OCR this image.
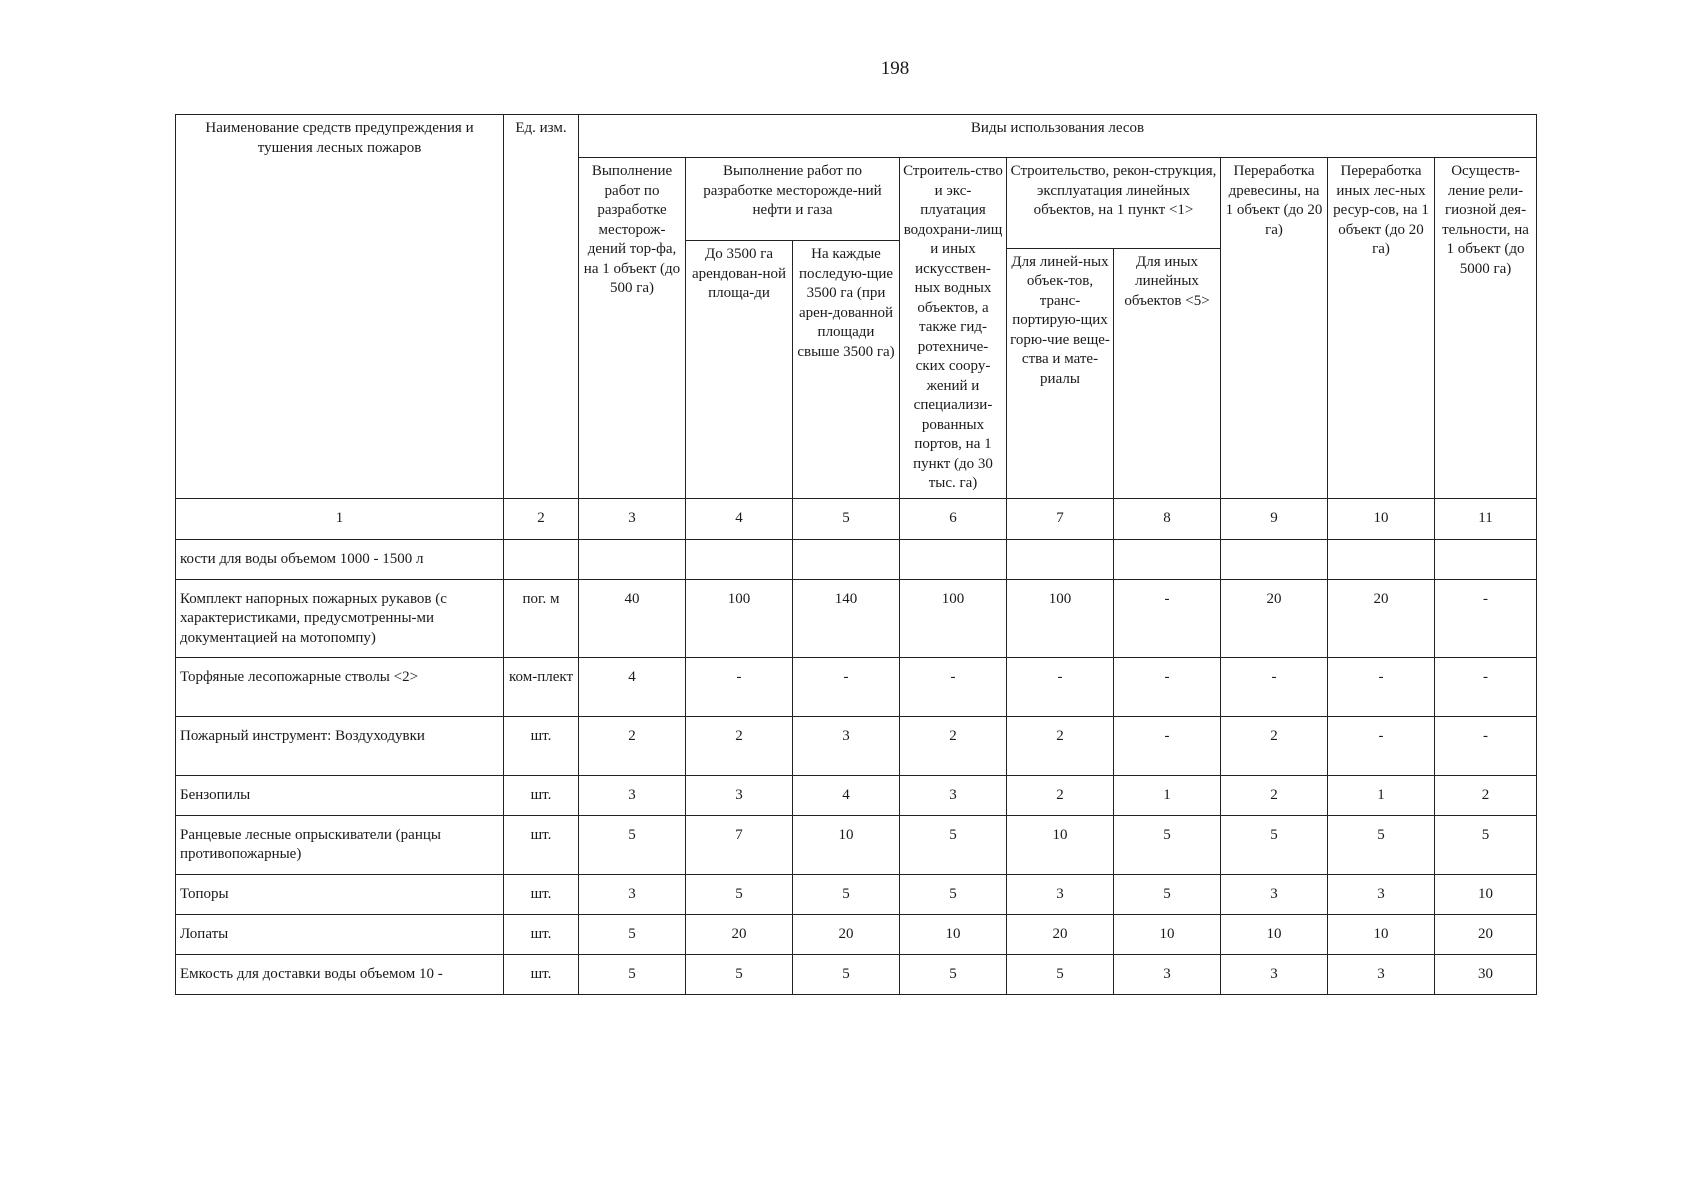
198
Наименование средств предупреждения и тушения лесных пожаров	Ед. изм.	Виды использования лесов								
		Выполнение работ по разработке месторож-дений тор-фа, на 1 объект (до 500 га)	Выполнение работ по разработке месторожде-ний нефти и газа		Строитель-ство и экс-плуатация водохрани-лищ и иных искусствен-ных водных объектов, а также гид-ротехниче-ских соору-жений и специализи-рованных портов, на 1 пункт (до 30 тыс. га)	Строительство, рекон-струкция, эксплуатация линейных объектов, на 1 пункт <1>		Переработка древесины, на 1 объект (до 20 га)	Переработка иных лес-ных ресур-сов, на 1 объект (до 20 га)	Осуществ-ление рели-гиозной дея-тельности, на 1 объект (до 5000 га)
			До 3500 га арендован-ной площа-ди	На каждые последую-щие 3500 га (при арен-дованной площади свыше 3500 га)						
						Для линей-ных объек-тов, транс-портирую-щих горю-чие веще-ства и мате-риалы	Для иных линейных объектов <5>			
1	2	3	4	5	6	7	8	9	10	11
кости для воды объемом 1000 - 1500 л										
Комплект напорных пожарных рукавов (с характеристиками, предусмотренны-ми документацией на мотопомпу)	пог. м	40	100	140	100	100	-	20	20	-
Торфяные лесопожарные стволы <2>	ком-плект	4	-	-	-	-	-	-	-	-
Пожарный инструмент: Воздуходувки	шт.	2	2	3	2	2	-	2	-	-
Бензопилы	шт.	3	3	4	3	2	1	2	1	2
Ранцевые лесные опрыскиватели (ранцы противопожарные)	шт.	5	7	10	5	10	5	5	5	5
Топоры	шт.	3	5	5	5	3	5	3	3	10
Лопаты	шт.	5	20	20	10	20	10	10	10	20
Емкость для доставки воды объемом 10 -	шт.	5	5	5	5	5	3	3	3	30
